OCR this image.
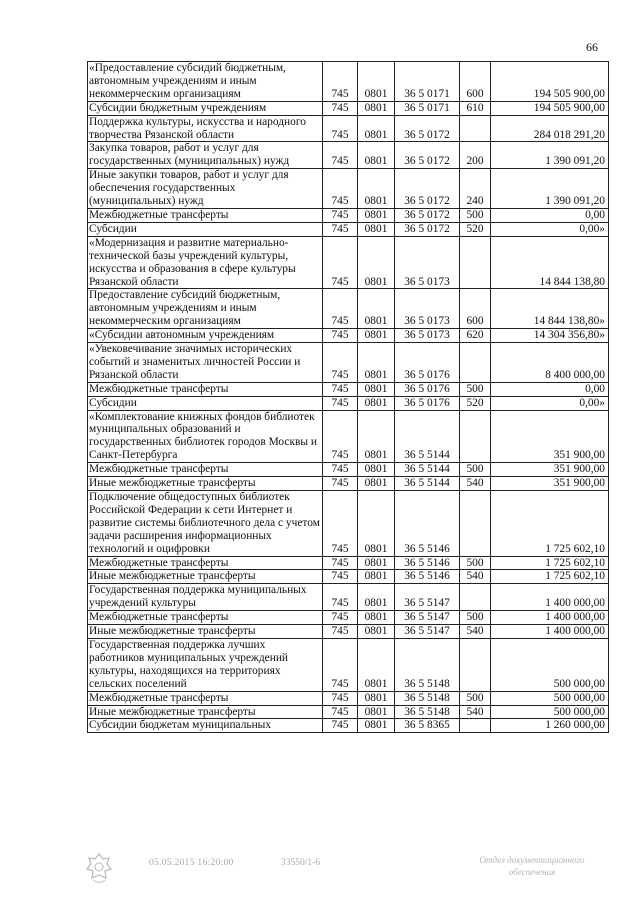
66
«Предоставление субсидий бюджетным, автономным учреждениям и иным некоммерческим организациям	745	0801	36 5 0171	600	194 505 900,00
Субсидии бюджетным учреждениям	745	0801	36 5 0171	610	194 505 900,00
Поддержка культуры, искусства и народного творчества Рязанской области	745	0801	36 5 0172		284 018 291,20
Закупка товаров, работ и услуг для государственных (муниципальных) нужд	745	0801	36 5 0172	200	1 390 091,20
Иные закупки товаров, работ и услуг для обеспечения государственных (муниципальных) нужд	745	0801	36 5 0172	240	1 390 091,20
Межбюджетные трансферты	745	0801	36 5 0172	500	0,00
Субсидии	745	0801	36 5 0172	520	0,00»
«Модернизация и развитие материально-технической базы учреждений культуры, искусства и образования в сфере культуры Рязанской области	745	0801	36 5 0173		14 844 138,80
Предоставление субсидий бюджетным, автономным учреждениям и иным некоммерческим организациям	745	0801	36 5 0173	600	14 844 138,80»
«Субсидии автономным учреждениям	745	0801	36 5 0173	620	14 304 356,80»
«Увековечивание значимых исторических событий и знаменитых личностей России и Рязанской области	745	0801	36 5 0176		8 400 000,00
Межбюджетные трансферты	745	0801	36 5 0176	500	0,00
Субсидии	745	0801	36 5 0176	520	0,00»
«Комплектование книжных фондов библиотек муниципальных образований и государственных библиотек городов Москвы и Санкт-Петербурга	745	0801	36 5 5144		351 900,00
Межбюджетные трансферты	745	0801	36 5 5144	500	351 900,00
Иные межбюджетные трансферты	745	0801	36 5 5144	540	351 900,00
Подключение общедоступных библиотек Российской Федерации к сети Интернет и развитие системы библиотечного дела с учетом задачи расширения информационных технологий и оцифровки	745	0801	36 5 5146		1 725 602,10
Межбюджетные трансферты	745	0801	36 5 5146	500	1 725 602,10
Иные межбюджетные трансферты	745	0801	36 5 5146	540	1 725 602,10
Государственная поддержка муниципальных учреждений культуры	745	0801	36 5 5147		1 400 000,00
Межбюджетные трансферты	745	0801	36 5 5147	500	1 400 000,00
Иные межбюджетные трансферты	745	0801	36 5 5147	540	1 400 000,00
Государственная поддержка лучших работников муниципальных учреждений культуры, находящихся на территориях сельских поселений	745	0801	36 5 5148		500 000,00
Межбюджетные трансферты	745	0801	36 5 5148	500	500 000,00
Иные межбюджетные трансферты	745	0801	36 5 5148	540	500 000,00
Субсидии бюджетам муниципальных	745	0801	36 5 8365		1 260 000,00
05.05.2015 16:20:00	33550/1-6	Отдел документационного
обеспечения
